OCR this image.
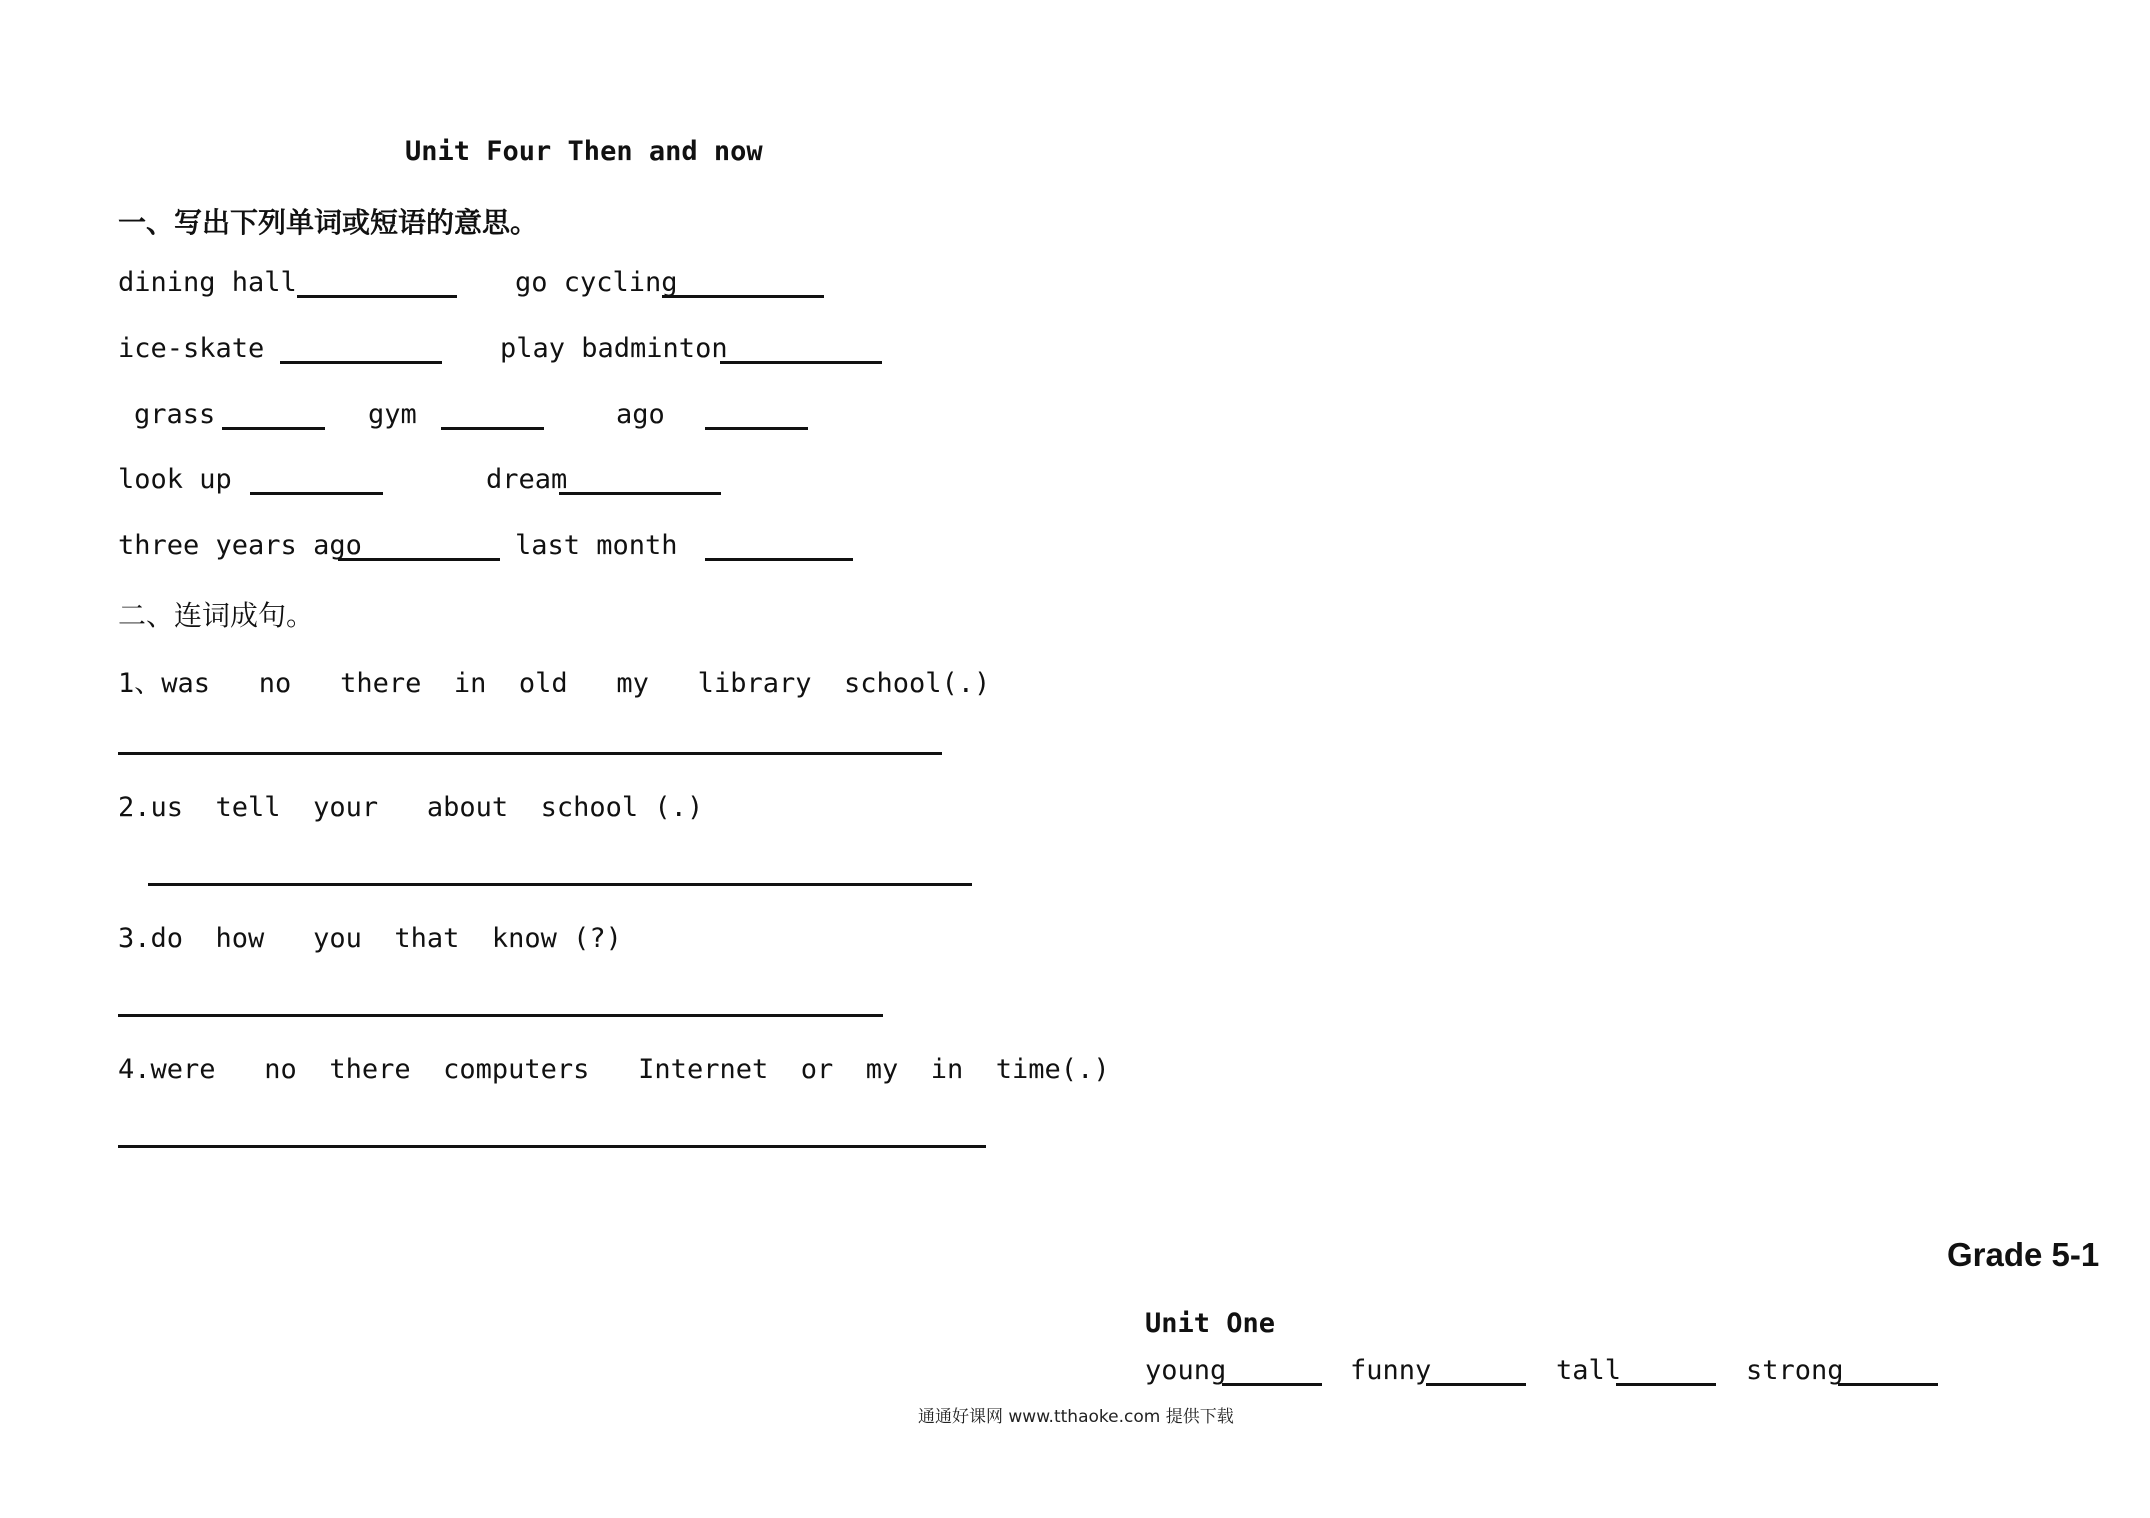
Unit Four Then and now
一、写出下列单词或短语的意思。
dining hall	go cycling
ice-skate	play badminton
grass	gym	ago
look up	dream
three years ago	last month
二、连词成句。
1、was   no   there  in  old   my   library  school(.)
2.us  tell  your   about  school (.)
3.do  how   you  that  know (?)
4.were   no  there  computers   Internet  or  my  in  time(.)
Grade 5-1
Unit One
young	funny	tall	strong
通通好课网 www.tthaoke.com 提供下载
